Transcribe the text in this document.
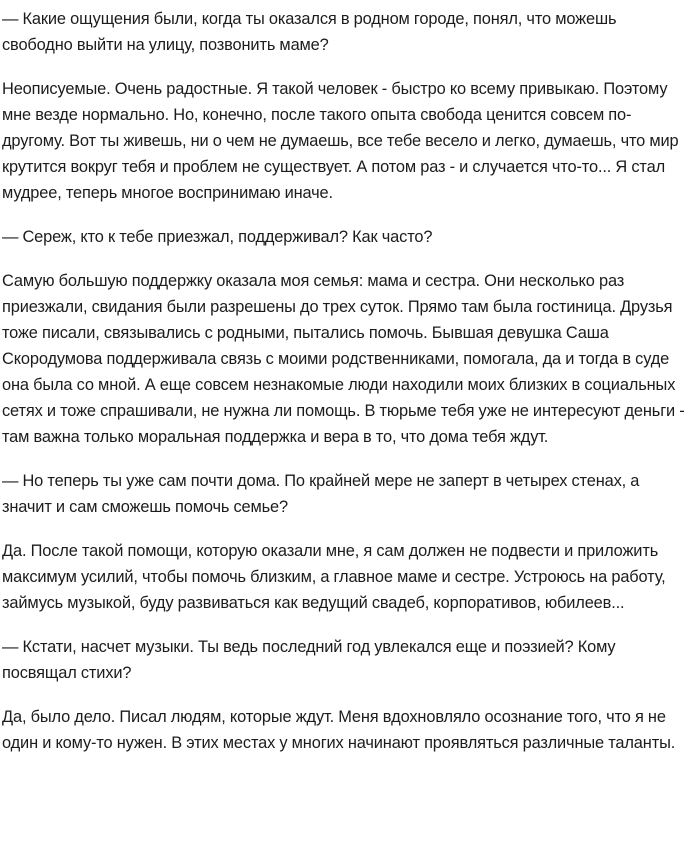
— Какие ощущения были, когда ты оказался в родном городе, понял, что можешь свободно выйти на улицу, позвонить маме?

Неописуемые. Очень радостные. Я такой человек - быстро ко всему привыкаю. Поэтому мне везде нормально. Но, конечно, после такого опыта свобода ценится совсем по-другому. Вот ты живешь, ни о чем не думаешь, все тебе весело и легко, думаешь, что мир крутится вокруг тебя и проблем не существует. А потом раз - и случается что-то... Я стал мудрее, теперь многое воспринимаю иначе.

— Сереж, кто к тебе приезжал, поддерживал? Как часто?

Самую большую поддержку оказала моя семья: мама и сестра. Они несколько раз приезжали, свидания были разрешены до трех суток. Прямо там была гостиница. Друзья тоже писали, связывались с родными, пытались помочь. Бывшая девушка Саша Скородумова поддерживала связь с моими родственниками, помогала, да и тогда в суде она была со мной. А еще совсем незнакомые люди находили моих близких в социальных сетях и тоже спрашивали, не нужна ли помощь. В тюрьме тебя уже не интересуют деньги - там важна только моральная поддержка и вера в то, что дома тебя ждут.

— Но теперь ты уже сам почти дома. По крайней мере не заперт в четырех стенах, а значит и сам сможешь помочь семье?

Да. После такой помощи, которую оказали мне, я сам должен не подвести и приложить максимум усилий, чтобы помочь близким, а главное маме и сестре. Устроюсь на работу, займусь музыкой, буду развиваться как ведущий свадеб, корпоративов, юбилеев...

— Кстати, насчет музыки. Ты ведь последний год увлекался еще и поэзией? Кому посвящал стихи?

Да, было дело. Писал людям, которые ждут. Меня вдохновляло осознание того, что я не один и кому-то нужен. В этих местах у многих начинают проявляться различные таланты.
